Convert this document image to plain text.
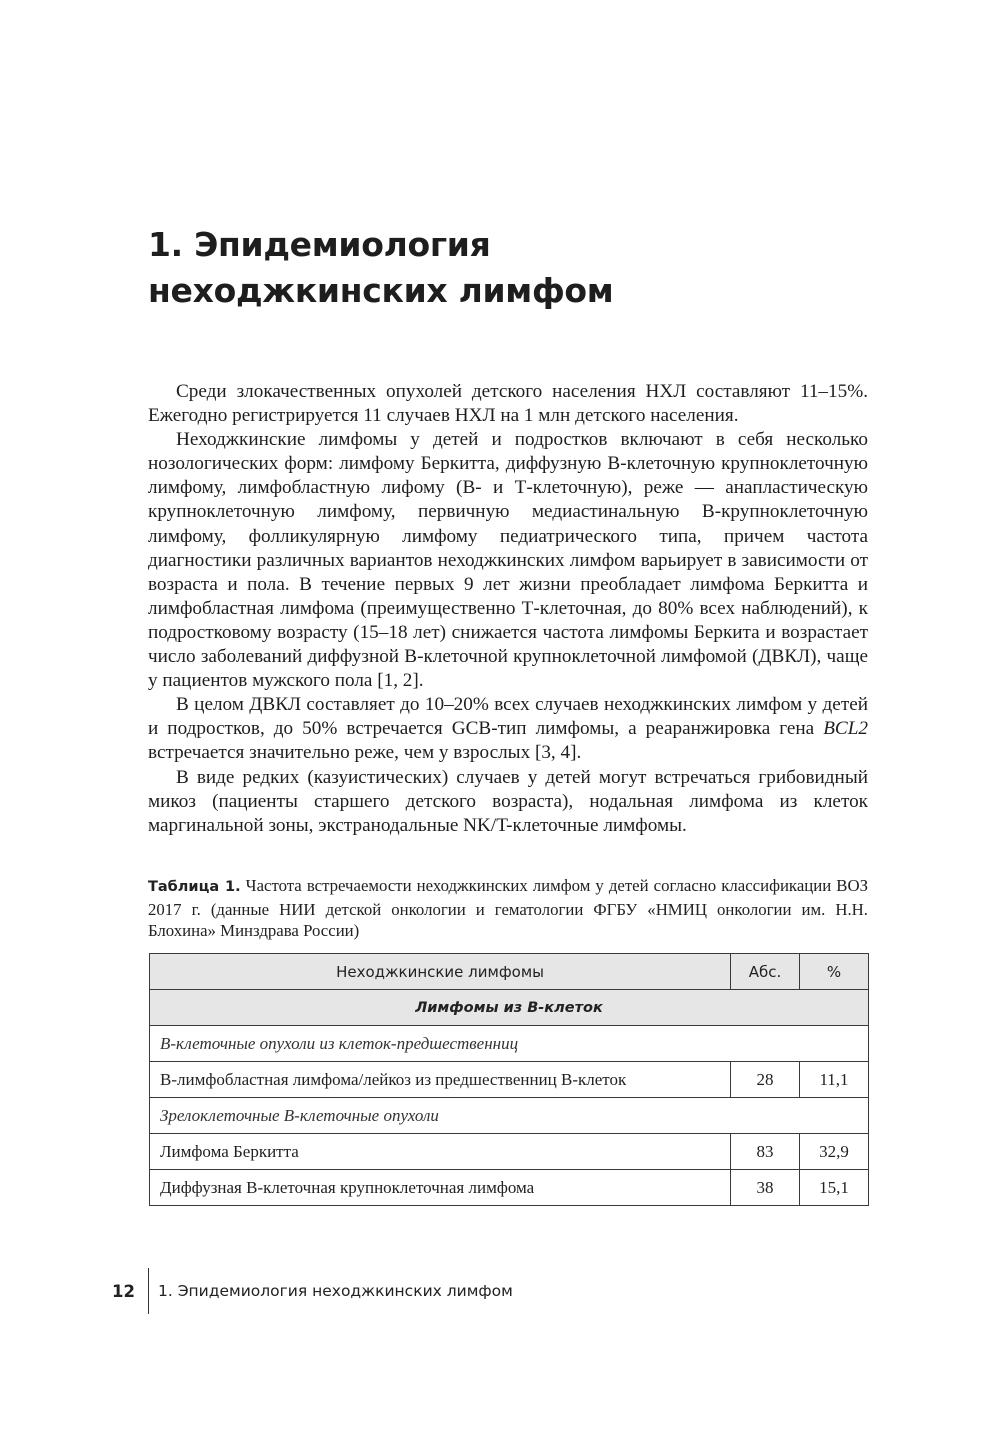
1. Эпидемиология
неходжкинских лимфом

Среди злокачественных опухолей детского населения НХЛ составляют 11–15%. Ежегодно регистрируется 11 случаев НХЛ на 1 млн детского населения.

Неходжкинские лимфомы у детей и подростков включают в себя несколько нозологических форм: лимфому Беркитта, диффузную В-клеточную крупноклеточную лимфому, лимфобластную лифому (В- и Т-клеточную), реже — анапластическую крупноклеточную лимфому, первичную медиастинальную В-крупноклеточную лимфому, фолликулярную лимфому педиатрического типа, причем частота диагностики различных вариантов неходжкинских лимфом варьирует в зависимости от возраста и пола. В течение первых 9 лет жизни преобладает лимфома Беркитта и лимфобластная лимфома (преимущественно Т-клеточная, до 80% всех наблюдений), к подростковому возрасту (15–18 лет) снижается частота лимфомы Беркита и возрастает число заболеваний диффузной В-клеточной крупноклеточной лимфомой (ДВКЛ), чаще у пациентов мужского пола [1, 2].

В целом ДВКЛ составляет до 10–20% всех случаев неходжкинских лимфом у детей и подростков, до 50% встречается GCB-тип лимфомы, а реаранжировка гена BCL2 встречается значительно реже, чем у взрослых [3, 4].

В виде редких (казуистических) случаев у детей могут встречаться грибовидный микоз (пациенты старшего детского возраста), нодальная лимфома из клеток маргинальной зоны, экстранодальные NK/T-клеточные лимфомы.

Таблица 1. Частота встречаемости неходжкинских лимфом у детей согласно классификации ВОЗ 2017 г. (данные НИИ детской онкологии и гематологии ФГБУ «НМИЦ онкологии им. Н.Н. Блохина» Минздрава России)
Неходжкинские лимфомы	Абс.	%
Лимфомы из В-клеток		
В-клеточные опухоли из клеток-предшественниц		
В-лимфобластная лимфома/лейкоз из предшественниц В-клеток	28	11,1
Зрелоклеточные В-клеточные опухоли		
Лимфома Беркитта	83	32,9
Диффузная В-клеточная крупноклеточная лимфома	38	15,1
12 1. Эпидемиология неходжкинских лимфом
